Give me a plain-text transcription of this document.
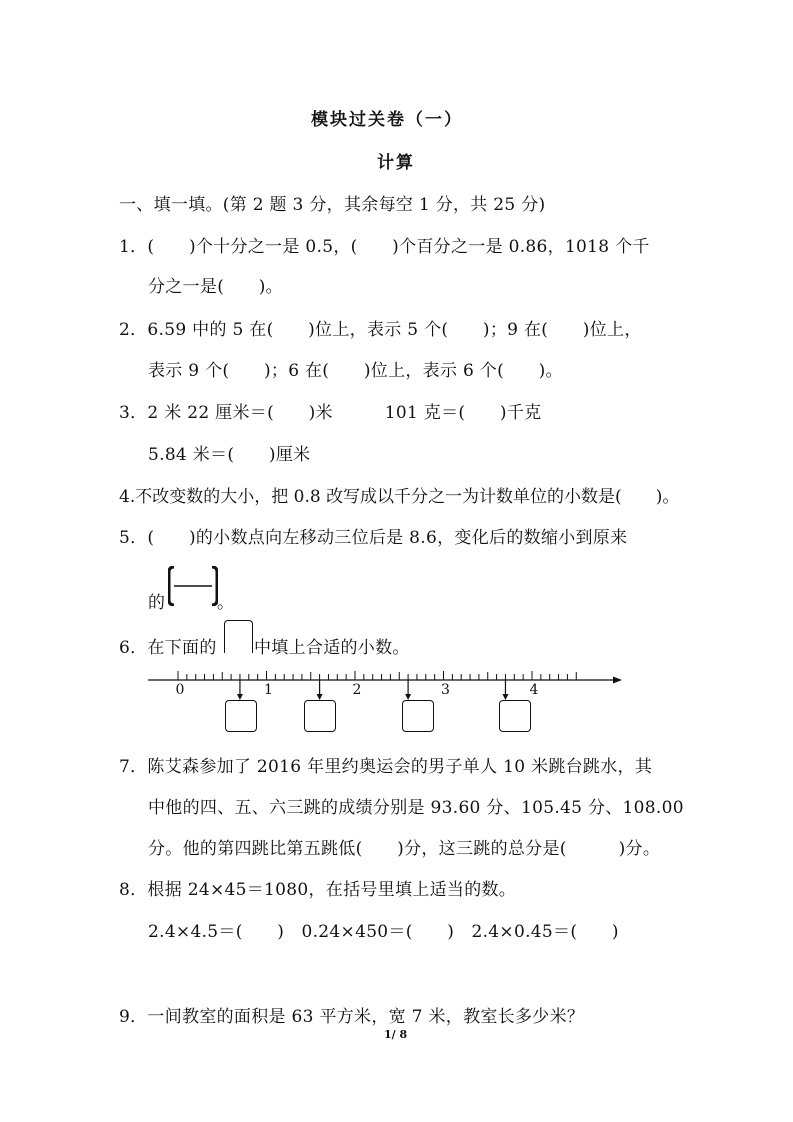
模块过关卷（一）
计算
一、填一填。(第 2 题 3 分，其余每空 1 分，共 25 分)
1．(　　)个十分之一是 0.5，(　　)个百分之一是 0.86，1018 个千
分之一是(　　)。
2．6.59 中的 5 在(　　)位上，表示 5 个(　　)；9 在(　　)位上，
表示 9 个(　　)；6 在(　　)位上，表示 6 个(　　)。
3．2 米 22 厘米＝(　　)米　　　101 克＝(　　)千克
5.84 米＝(　　)厘米
4.不改变数的大小，把 0.8 改写成以千分之一为计数单位的小数是(　　)。
5．(　　)的小数点向左移动三位后是 8.6，变化后的数缩小到原来
的	。
6．在下面的 中填上合适的小数。
0	1	2	3	4
7．陈艾森参加了 2016 年里约奥运会的男子单人 10 米跳台跳水，其
中他的四、五、六三跳的成绩分别是 93.60 分、105.45 分、108.00
分。他的第四跳比第五跳低(　　)分，这三跳的总分是(　　　)分。
8．根据 24×45＝1080，在括号里填上适当的数。
2.4×4.5＝(　　)　0.24×450＝(　　)　2.4×0.45＝(　　)
9．一间教室的面积是 63 平方米，宽 7 米，教室长多少米？
1/ 8
